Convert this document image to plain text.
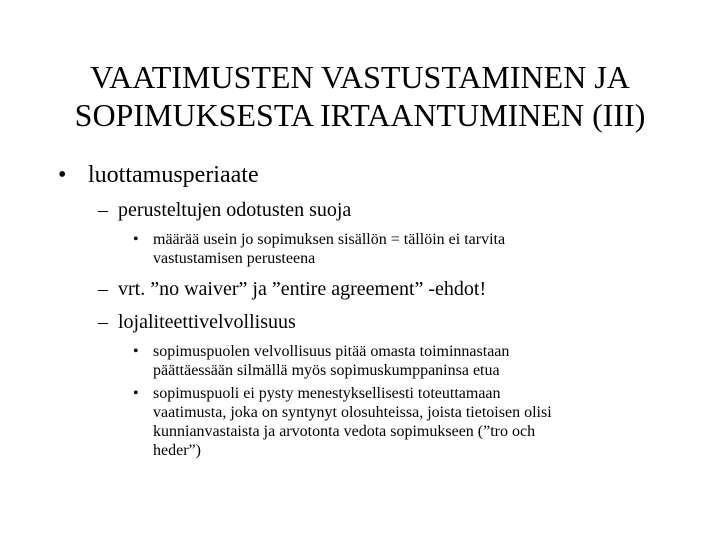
VAATIMUSTEN VASTUSTAMINEN JA
SOPIMUKSESTA IRTAANTUMINEN (III)
• luottamusperiaate
– perusteltujen odotusten suoja
• määrää usein jo sopimuksen sisällön = tällöin ei tarvita
vastustamisen perusteena
– vrt. ”no waiver” ja ”entire agreement” -ehdot!
– lojaliteettivelvollisuus
• sopimuspuolen velvollisuus pitää omasta toiminnastaan
päättäessään silmällä myös sopimuskumppaninsa etua
• sopimuspuoli ei pysty menestyksellisesti toteuttamaan
vaatimusta, joka on syntynyt olosuhteissa, joista tietoisen olisi
kunnianvastaista ja arvotonta vedota sopimukseen (”tro och
heder”)
